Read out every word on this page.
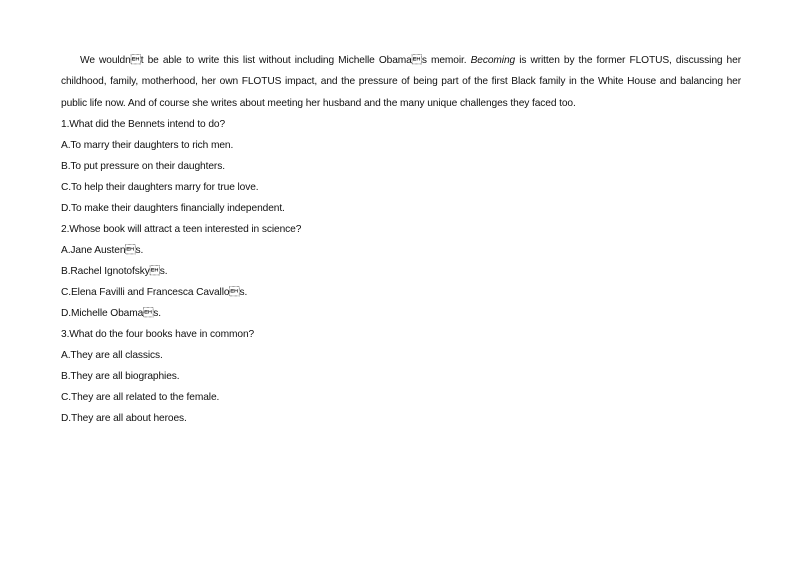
We wouldnt be able to write this list without including Michelle Obamas memoir. Becoming is written by the former FLOTUS, discussing her childhood, family, motherhood, her own FLOTUS impact, and the pressure of being part of the first Black family in the White House and balancing her public life now. And of course she writes about meeting her husband and the many unique challenges they faced too.

1.What did the Bennets intend to do?

A.To marry their daughters to rich men.

B.To put pressure on their daughters.

C.To help their daughters marry for true love.

D.To make their daughters financially independent.

2.Whose book will attract a teen interested in science?

A.Jane Austens.

B.Rachel Ignotofskys.

C.Elena Favilli and Francesca Cavallos.

D.Michelle Obamas.

3.What do the four books have in common?

A.They are all classics.

B.They are all biographies.

C.They are all related to the female.

D.They are all about heroes.
